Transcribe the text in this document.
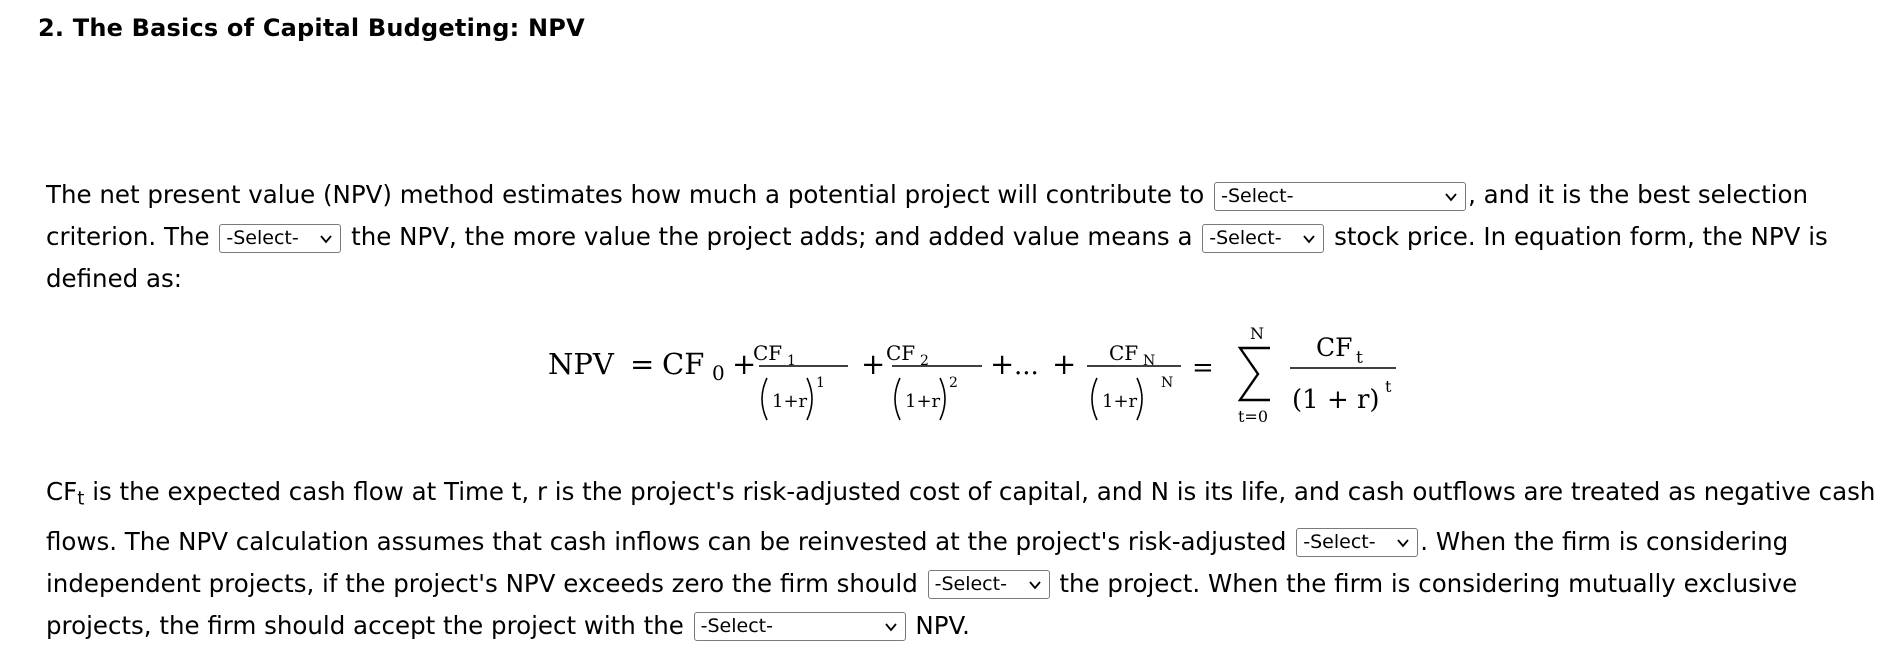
2. The Basics of Capital Budgeting: NPV
The net present value (NPV) method estimates how much a potential project will contribute to -Select-	, and it is the best selection criterion. The -Select- the NPV, the more value the project adds; and added value means a -Select- stock price. In equation form, the NPV is defined as:
NPV = CF 0 +
CF 1
1+r
1
+ CF 2
1+r
2
+ ... + CF N
1+r
N =
N
t=0
CF t
(1 + r) t
$CF_t$ is the expected cash flow at Time t, r is the project's risk-adjusted cost of capital, and N is its life, and cash outflows are treated as negative cash flows. The NPV calculation assumes that cash inflows can be reinvested at the project's risk-adjusted -Select- . When the firm is considering independent projects, if the project's NPV exceeds zero the firm should -Select- the project. When the firm is considering mutually exclusive projects, the firm should accept the project with the -Select-	NPV.
